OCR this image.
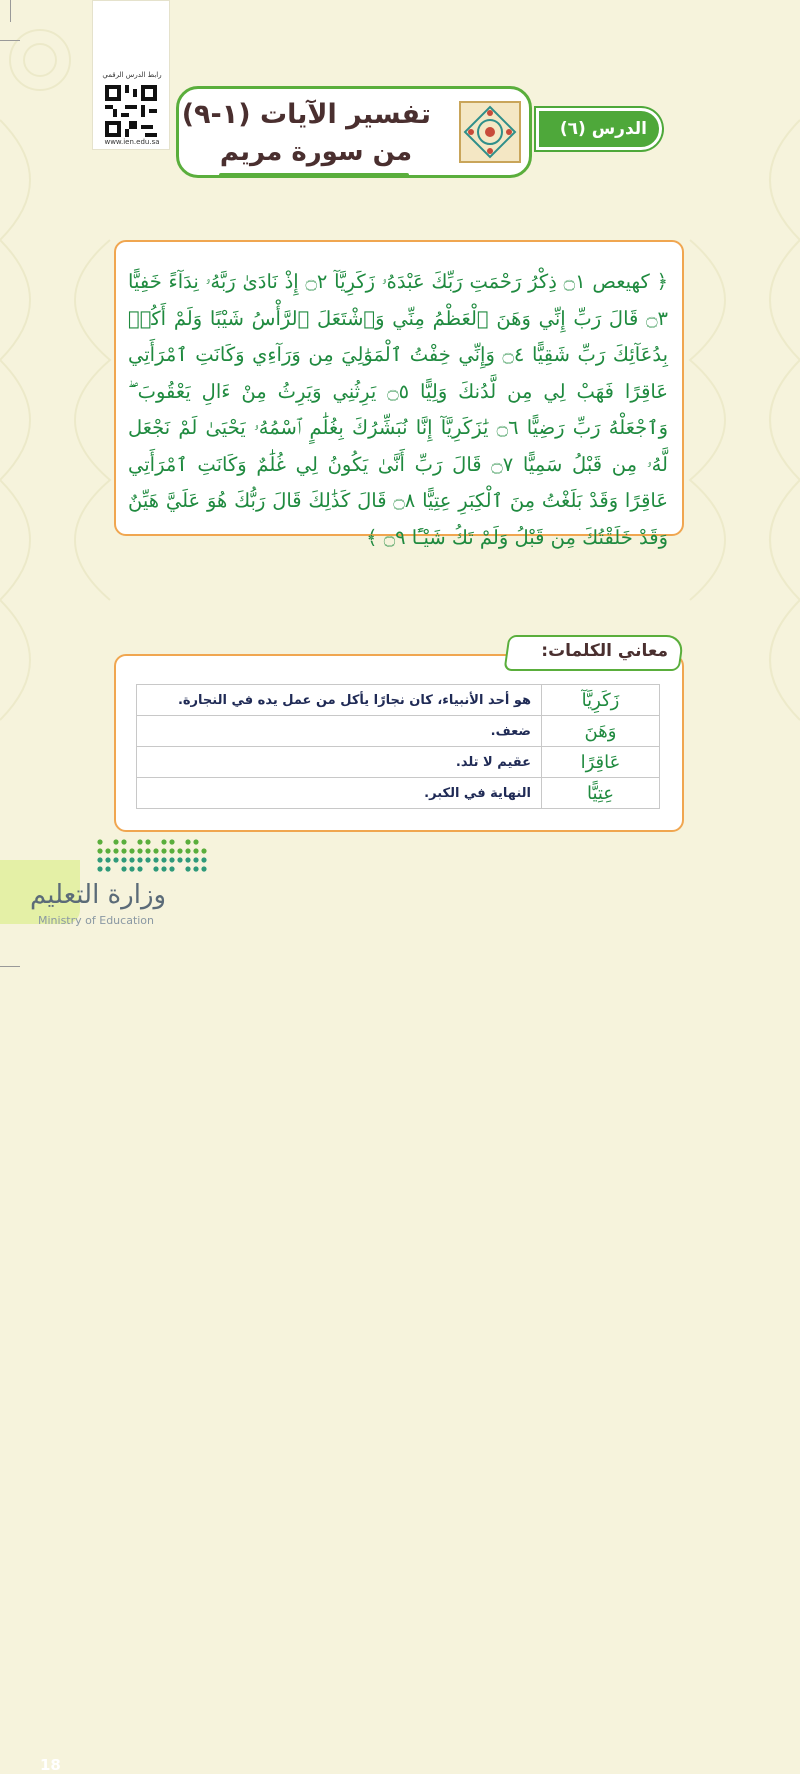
رابط الدرس الرقمي
www.ien.edu.sa
الدرس (٦)
تفسير الآيات (١-٩)
من سورة مريم
﴿ كهيعص ۝١ ذِكْرُ رَحْمَتِ رَبِّكَ عَبْدَهُۥ زَكَرِيَّآ ۝٢ إِذْ نَادَىٰ رَبَّهُۥ نِدَآءً خَفِيًّا ۝٣ قَالَ رَبِّ إِنِّي وَهَنَ ٱلْعَظْمُ مِنِّي وَٱشْتَعَلَ ٱلرَّأْسُ شَيْبًا وَلَمْ أَكُنۢ بِدُعَآئِكَ رَبِّ شَقِيًّا ۝٤ وَإِنِّي خِفْتُ ٱلْمَوَٰلِيَ مِن وَرَآءِي وَكَانَتِ ٱمْرَأَتِي عَاقِرًا فَهَبْ لِي مِن لَّدُنكَ وَلِيًّا ۝٥ يَرِثُنِي وَيَرِثُ مِنْ ءَالِ يَعْقُوبَ ۖ وَٱجْعَلْهُ رَبِّ رَضِيًّا ۝٦ يَٰزَكَرِيَّآ إِنَّا نُبَشِّرُكَ بِغُلَٰمٍ ٱسْمُهُۥ يَحْيَىٰ لَمْ نَجْعَل لَّهُۥ مِن قَبْلُ سَمِيًّا ۝٧ قَالَ رَبِّ أَنَّىٰ يَكُونُ لِي غُلَٰمٌ وَكَانَتِ ٱمْرَأَتِي عَاقِرًا وَقَدْ بَلَغْتُ مِنَ ٱلْكِبَرِ عِتِيًّا ۝٨ قَالَ كَذَٰلِكَ قَالَ رَبُّكَ هُوَ عَلَيَّ هَيِّنٌ وَقَدْ خَلَقْتُكَ مِن قَبْلُ وَلَمْ تَكُ شَيْـًٔا ۝٩ ﴾
زَكَرِيَّآ	هو أحد الأنبياء، كان نجارًا يأكل من عمل يده في النجارة.
وَهَنَ	ضعف.
عَاقِرًا	عقيم لا تلد.
عِتِيًّا	النهاية في الكبر.
معاني الكلمات:
18
وزارة التعليم
Ministry of Education
